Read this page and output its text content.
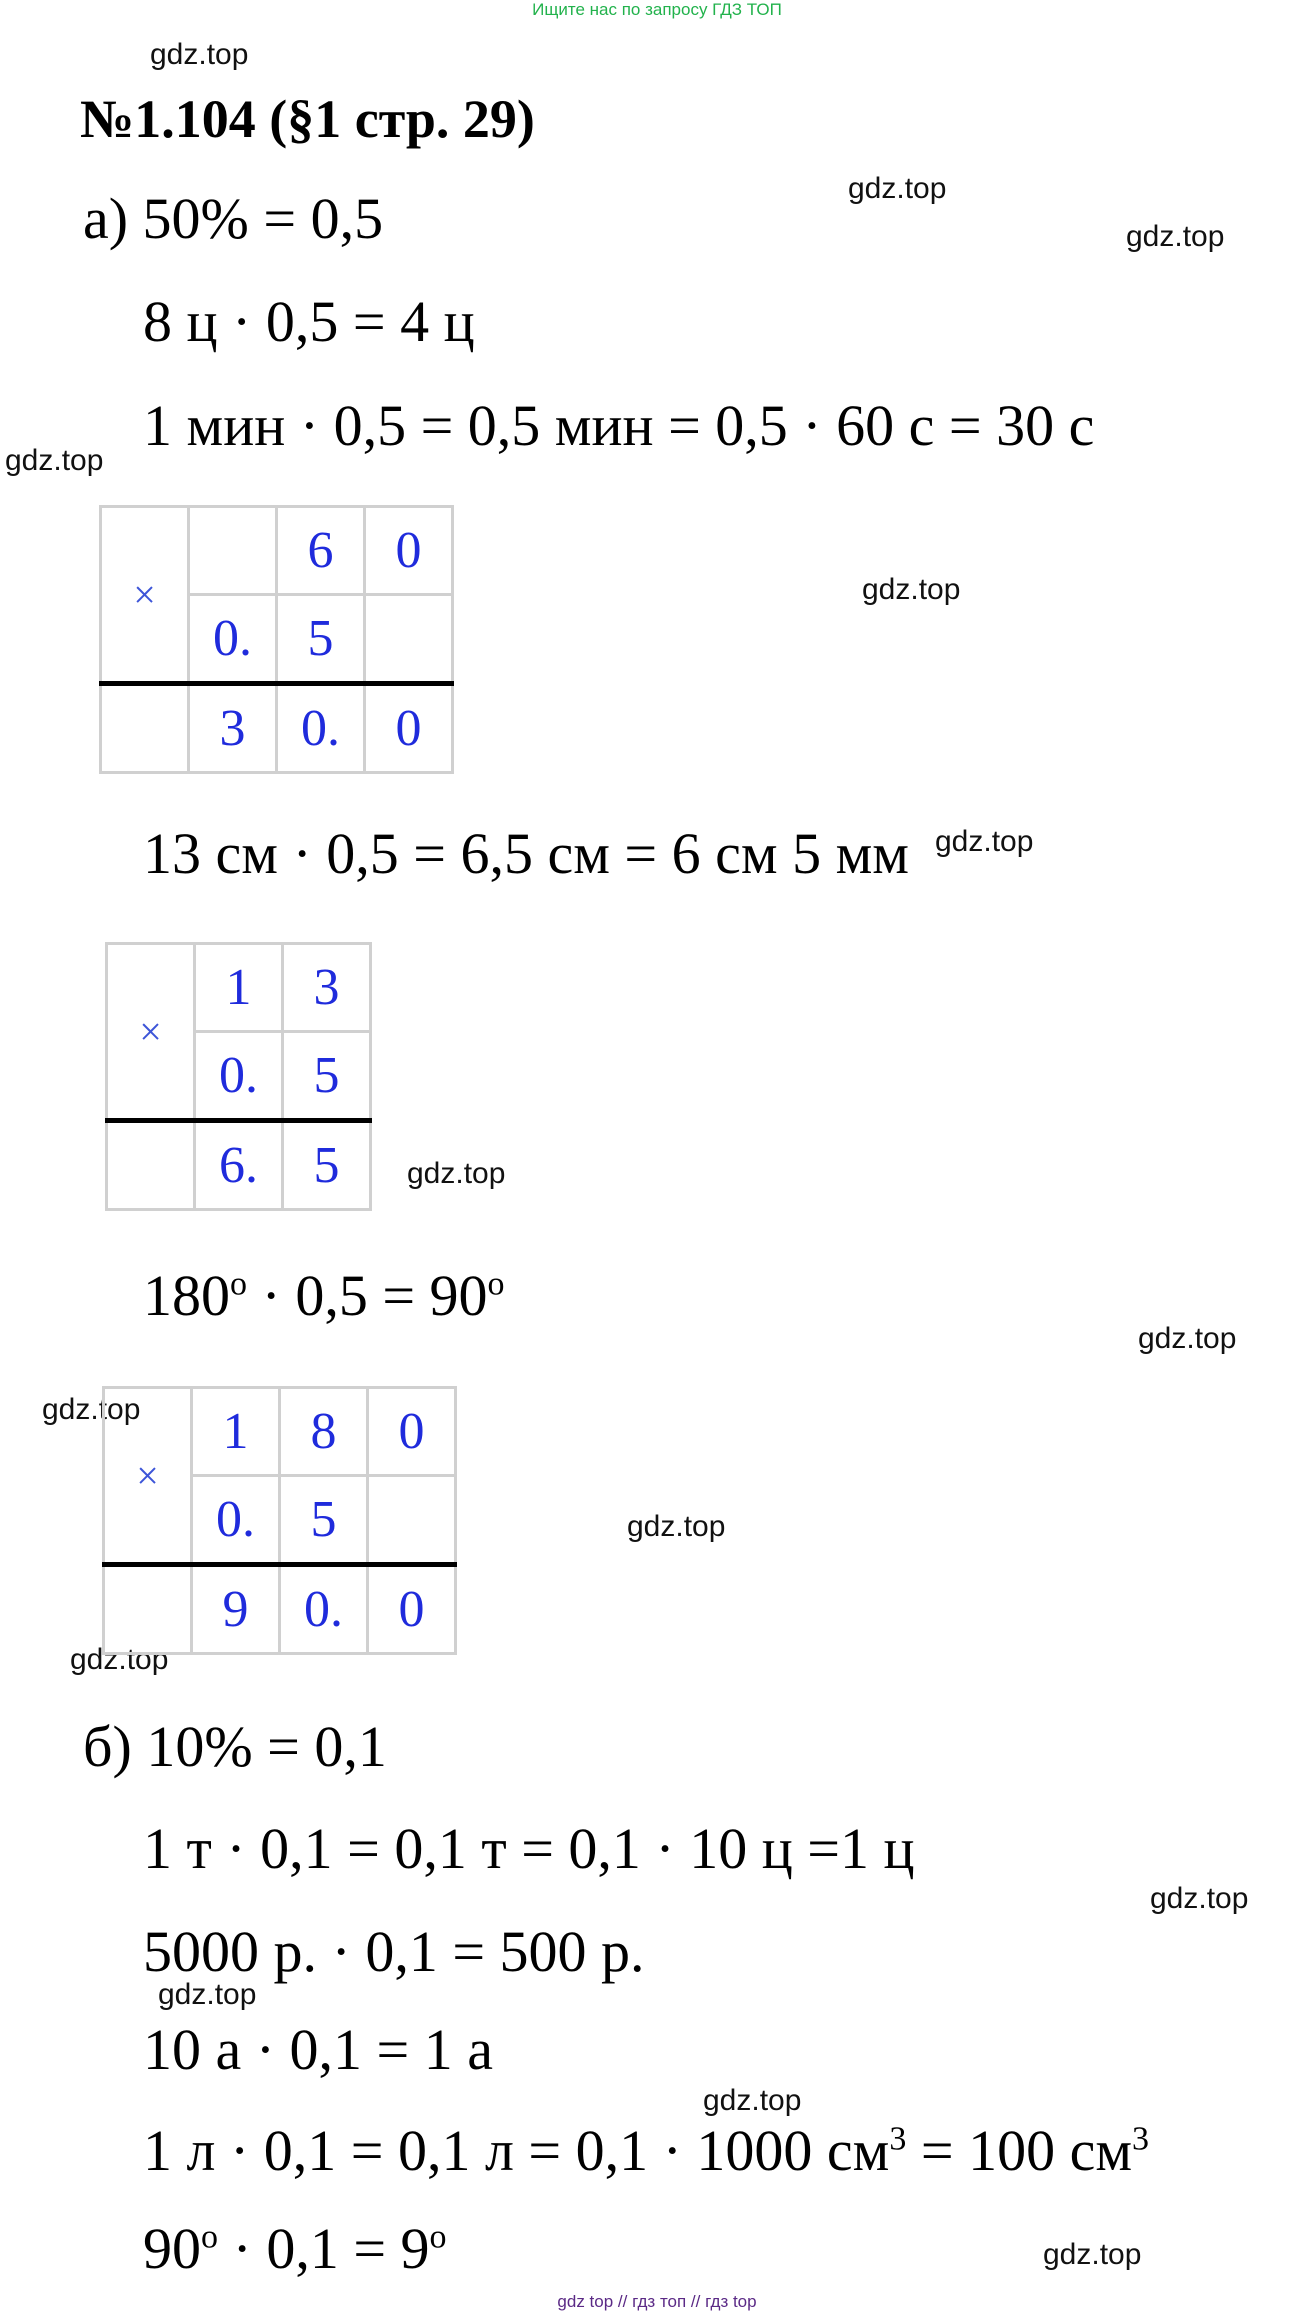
Ищите нас по запросу ГДЗ ТОП
gdz.top
gdz.top
gdz.top
gdz.top
gdz.top
gdz.top
gdz.top
gdz.top
gdz.top
gdz.top
gdz.top
gdz.top
gdz.top
gdz.top
gdz.top
№1.104 (§1 стр. 29)
а) 50% = 0,5
8 ц · 0,5 = 4 ц
1 мин · 0,5 = 0,5 мин = 0,5 · 60 с = 30 с
×		6	0
	0.	5	
	3	0.	0
13 см · 0,5 = 6,5 см = 6 см 5 мм
×	1	3
	0.	5
	6.	5
$180^o \cdot 0,5 = 90^o$
×	1	8	0
	0.	5	
	9	0.	0
б) 10% = 0,1
1 т · 0,1 = 0,1 т = 0,1 · 10 ц =1 ц
5000 р. · 0,1 = 500 р.
10 а · 0,1 = 1 а
1 л · 0,1 = 0,1 л = 0,1 · 1000 $см^3 = 100$ $см^3$
$90^o \cdot 0,1 = 9^o$
gdz top // гдз топ // гдз top
